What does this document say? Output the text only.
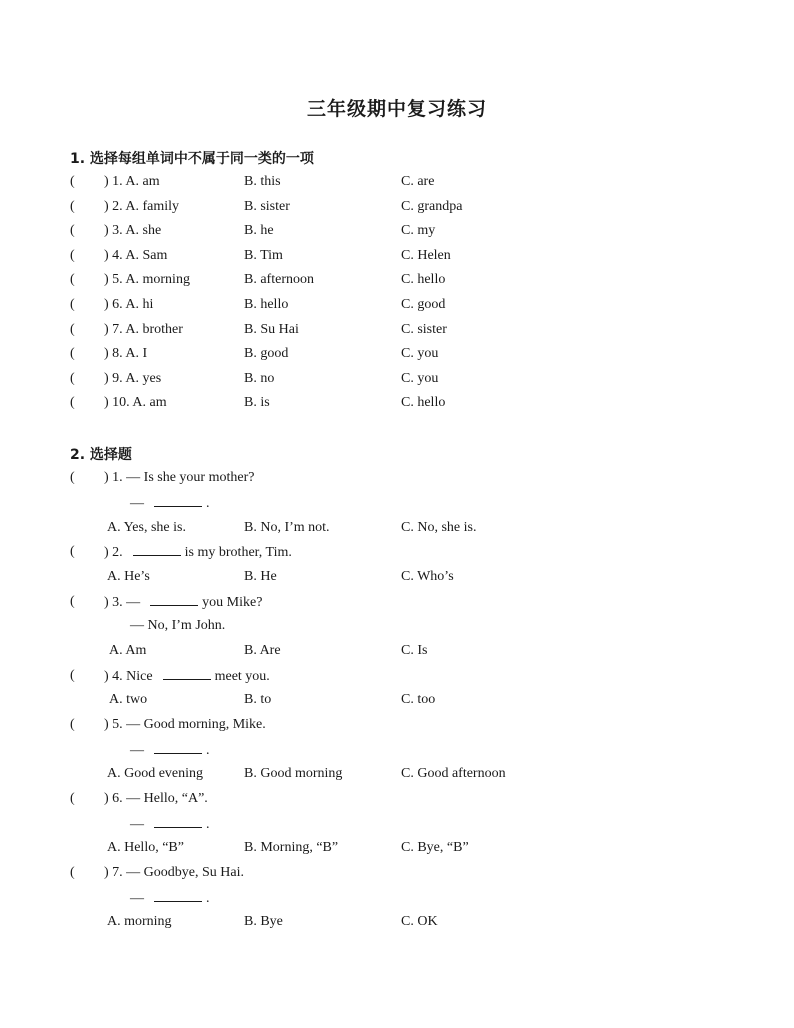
三年级期中复习练习
1. 选择每组单词中不属于同一类的一项
( ) 1. A. am	B. this	C. are
( ) 2. A. family	B. sister	C. grandpa
( ) 3. A. she	B. he	C. my
( ) 4. A. Sam	B. Tim	C. Helen
( ) 5. A. morning	B. afternoon	C. hello
( ) 6. A. hi	B. hello	C. good
( ) 7. A. brother	B. Su Hai	C. sister
( ) 8. A. I	B. good	C. you
( ) 9. A. yes	B. no	C. you
( ) 10. A. am	B. is	C. hello
2. 选择题
( ) 1. — Is she your mother?
—	.
A. Yes, she is.	B. No, I’m not.	C. No, she is.
( ) 2.	is my brother, Tim.
A. He’s	B. He	C. Who’s
( ) 3. —	you Mike?
— No, I’m John.
A. Am	B. Are	C. Is
( ) 4. Nice	meet you.
A. two	B. to	C. too
( ) 5. — Good morning, Mike.
—	.
A. Good evening	B. Good morning	C. Good afternoon
( ) 6. — Hello, “A”.
—	.
A. Hello, “B”	B. Morning, “B”	C. Bye, “B”
( ) 7. — Goodbye, Su Hai.
—	.
A. morning	B. Bye	C. OK
